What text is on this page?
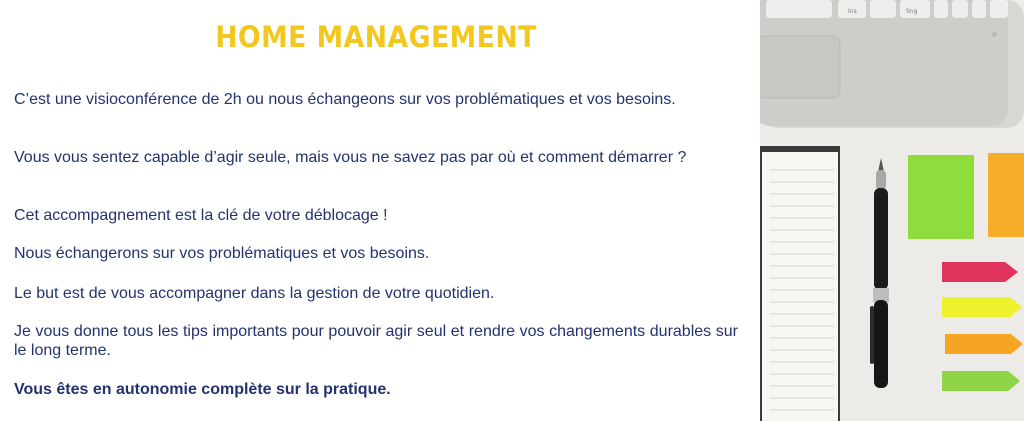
HOME MANAGEMENT

C’est une visioconférence de 2h ou nous échangeons sur vos problématiques et vos besoins.

Vous vous sentez capable d’agir seule, mais vous ne savez pas par où et comment démarrer ?

Cet accompagnement est la clé de votre déblocage !

Nous échangerons sur vos problématiques et vos besoins.

Le but est de vous accompagner dans la gestion de votre quotidien.

Je vous donne tous les tips importants pour pouvoir agir seul et rendre vos changements durables sur le long terme.

Vous êtes en autonomie complète sur la pratique.

Ins	Sng
